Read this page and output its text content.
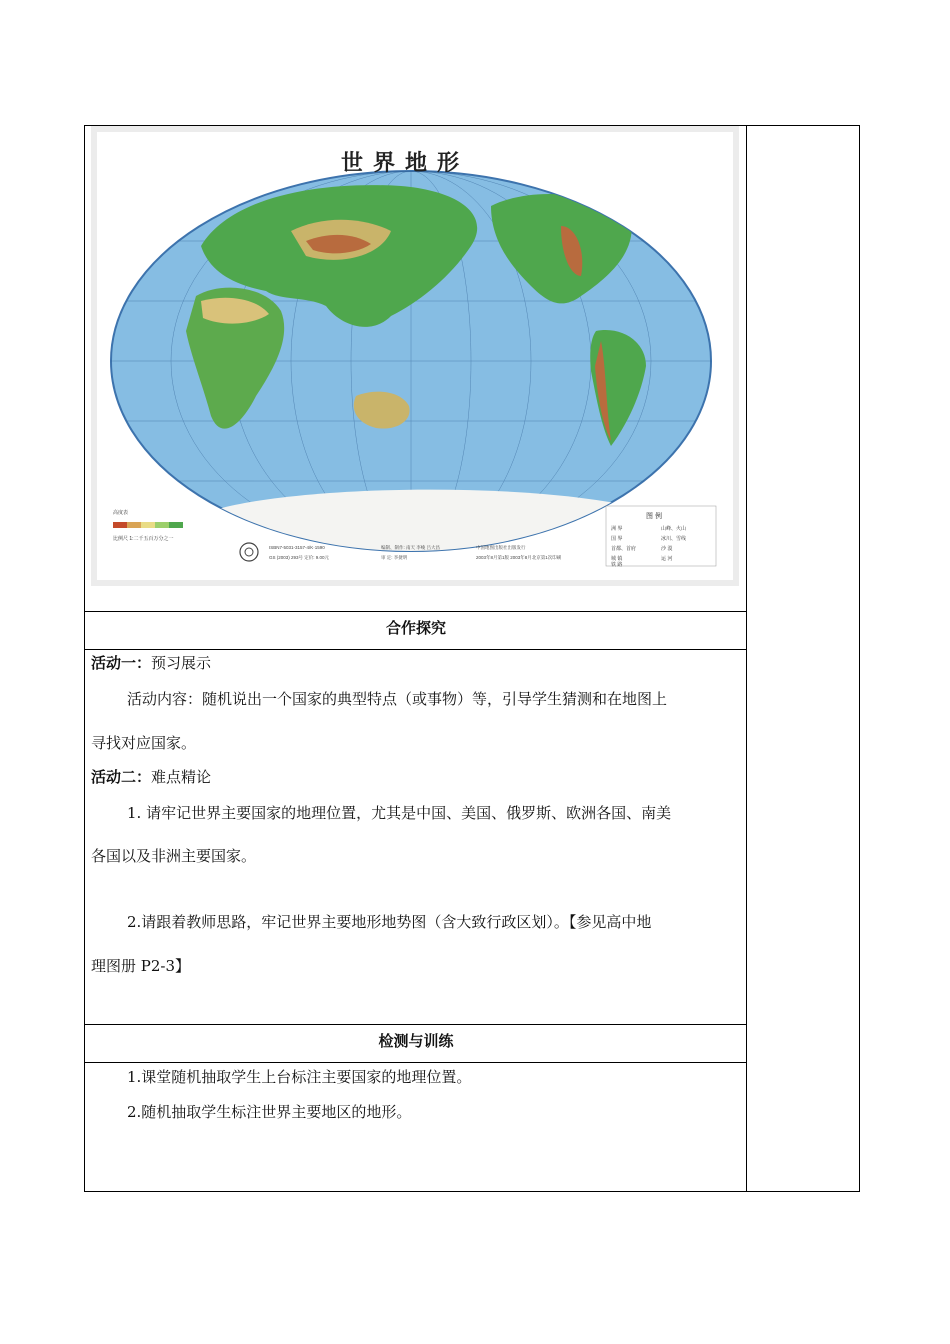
世界地形
图 例
洲 界	山峰、火山
国 界	冰川、雪线
首都、首府	沙 漠
城 镇	运 河
铁 路
高度表
比例尺 1:二千五百万分之一
ISBN7-5031-3157-4/K·1590
GS (2003) 293号 定价: 9.00元
编制、制作: 南天 李峻 吕大昌
审 定: 李捷明
中国地图出版社出版发行
2003年8月第1版 2003年8月北京第1次印刷
合作探究
活动一：预习展示
活动内容：随机说出一个国家的典型特点（或事物）等，引导学生猜测和在地图上
寻找对应国家。
活动二：难点精论
1. 请牢记世界主要国家的地理位置，尤其是中国、美国、俄罗斯、欧洲各国、南美
各国以及非洲主要国家。
2.请跟着教师思路，牢记世界主要地形地势图（含大致行政区划）。【参见高中地
理图册 P2-3】
检测与训练
1.课堂随机抽取学生上台标注主要国家的地理位置。
2.随机抽取学生标注世界主要地区的地形。
